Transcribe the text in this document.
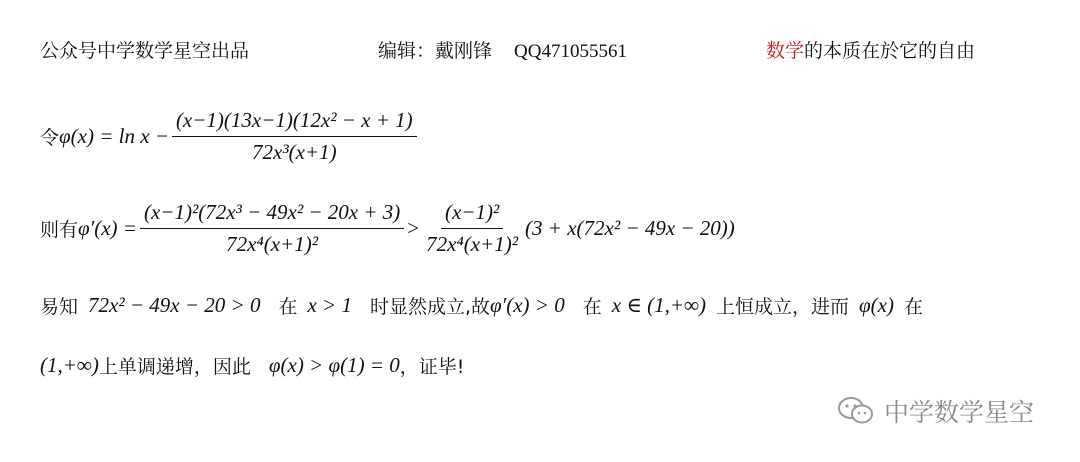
公众号中学数学星空出品	编辑：戴刚锋 QQ471055561	数学的本质在於它的自由
令 $\varphi(x) = \ln x - \frac{\text{(x−1)(13x−1)(12x² − x + 1)}}{\text{72x³(x+1)}}$
则有 $\varphi'(x) = \frac{\text{(x−1)²(72x³ − 49x² − 20x + 3)}}{\text{72x⁴(x+1)²}} > \frac{\text{(x−1)²}}{\text{72x⁴(x+1)²}} (3 + x(72x^2 - 49x - 20))$
易知 72x² − 49x − 20 > 0 在 x > 1 时显然成立,故 φ′(x) > 0 在 x ∈ (1,+∞) 上恒成立，进而 φ(x) 在
(1,+∞) 上单调递增，因此 φ(x) > φ(1) = 0 ，证毕!
中学数学星空
